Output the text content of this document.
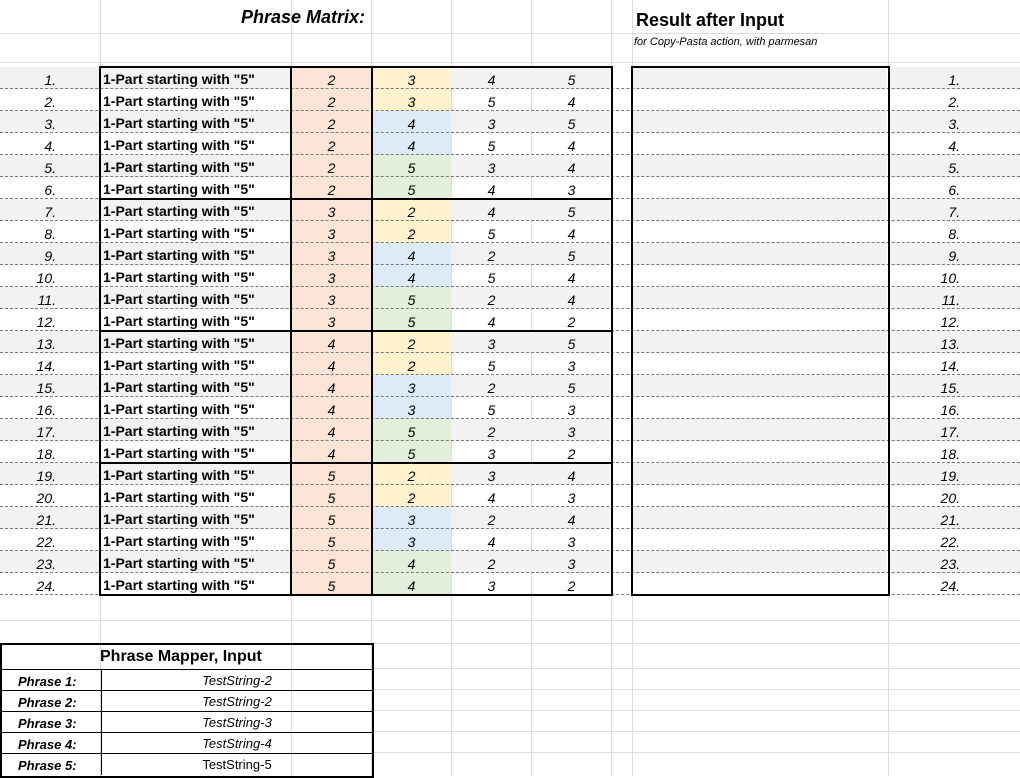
Phrase Matrix:	Result after Input
for Copy-Pasta action, with parmesan
1.	1-Part starting with "5"	2	3	4	5	1.
2.	1-Part starting with "5"	2	3	5	4	2.
3.	1-Part starting with "5"	2	4	3	5	3.
4.	1-Part starting with "5"	2	4	5	4	4.
5.	1-Part starting with "5"	2	5	3	4	5.
6.	1-Part starting with "5"	2	5	4	3	6.
7.	1-Part starting with "5"	3	2	4	5	7.
8.	1-Part starting with "5"	3	2	5	4	8.
9.	1-Part starting with "5"	3	4	2	5	9.
10.	1-Part starting with "5"	3	4	5	4	10.
11.	1-Part starting with "5"	3	5	2	4	11.
12.	1-Part starting with "5"	3	5	4	2	12.
13.	1-Part starting with "5"	4	2	3	5	13.
14.	1-Part starting with "5"	4	2	5	3	14.
15.	1-Part starting with "5"	4	3	2	5	15.
16.	1-Part starting with "5"	4	3	5	3	16.
17.	1-Part starting with "5"	4	5	2	3	17.
18.	1-Part starting with "5"	4	5	3	2	18.
19.	1-Part starting with "5"	5	2	3	4	19.
20.	1-Part starting with "5"	5	2	4	3	20.
21.	1-Part starting with "5"	5	3	2	4	21.
22.	1-Part starting with "5"	5	3	4	3	22.
23.	1-Part starting with "5"	5	4	2	3	23.
24.	1-Part starting with "5"	5	4	3	2	24.
Phrase Mapper, Input
Phrase 1:	TestString-2
Phrase 2:	TestString-2
Phrase 3:	TestString-3
Phrase 4:	TestString-4
Phrase 5:	TestString-5
